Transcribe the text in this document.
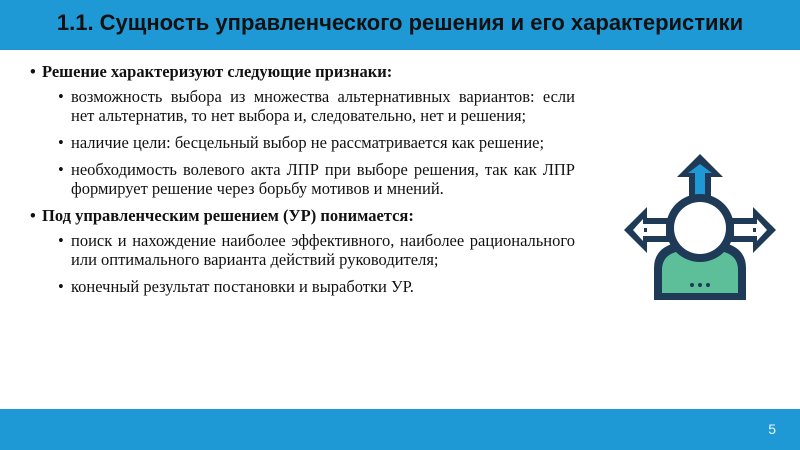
1.1. Сущность управленческого решения и его характеристики
• Решение характеризуют следующие признаки:
• возможность выбора из множества альтернативных вариантов: если нет альтернатив, то нет выбора и, следовательно, нет и решения;
• наличие цели: бесцельный выбор не рассматривается как решение;
• необходимость волевого акта ЛПР при выборе решения, так как ЛПР формирует решение через борьбу мотивов и мнений.
• Под управленческим решением (УР) понимается:
• поиск и нахождение наиболее эффективного, наиболее рационального или оптимального варианта действий руководителя;
• конечный результат постановки и выработки УР.
5
